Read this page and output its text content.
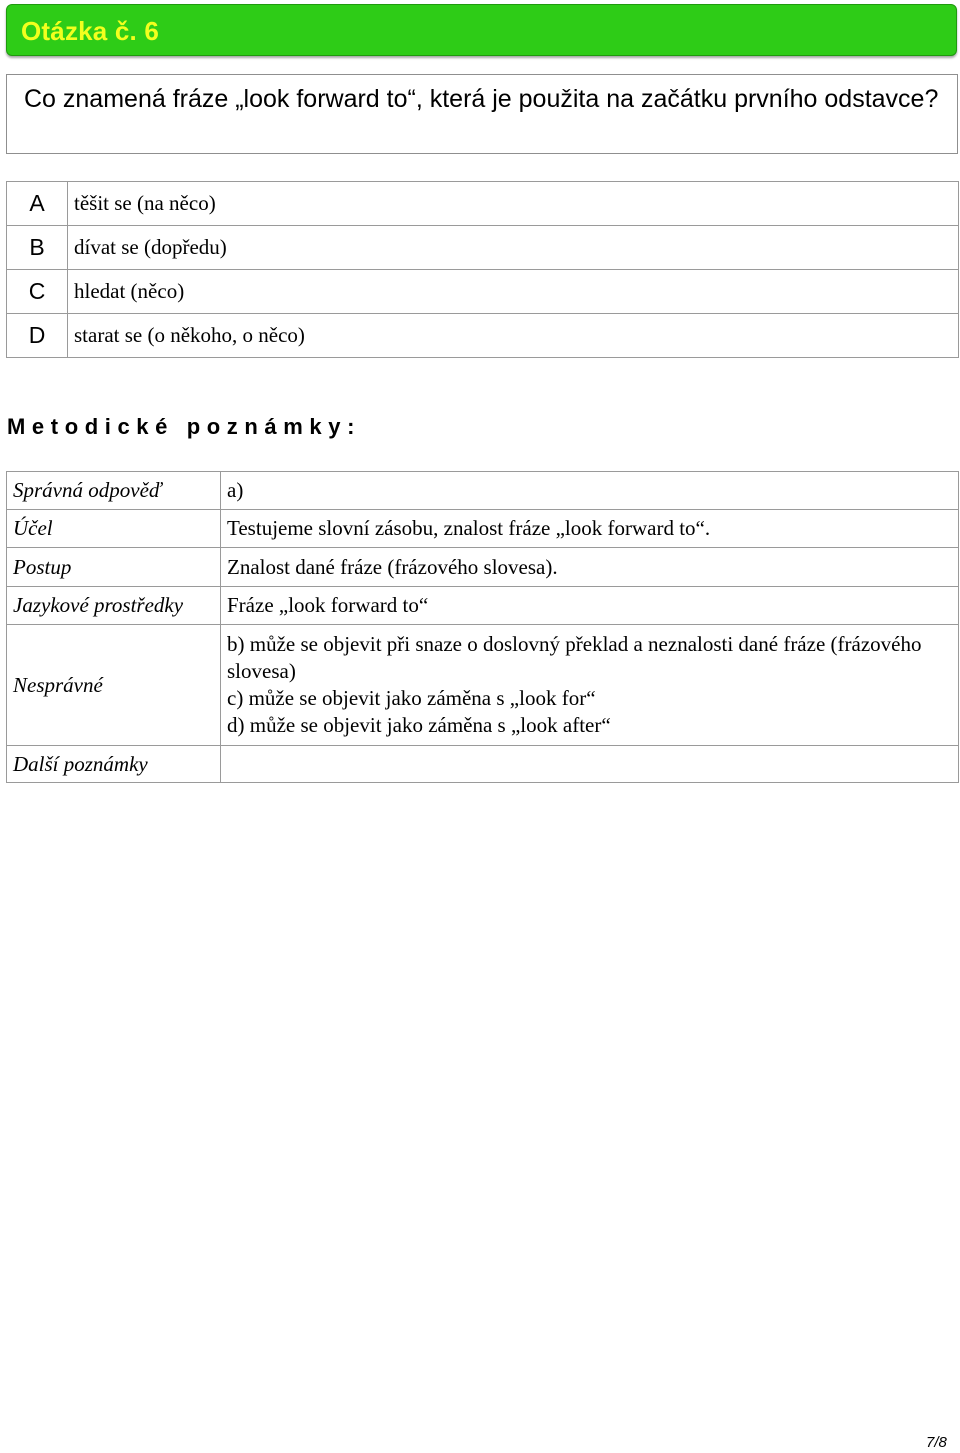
Otázka č. 6
Co znamená fráze „look forward to“, která je použita na začátku prvního odstavce?
A	těšit se (na něco)
B	dívat se (dopředu)
C	hledat (něco)
D	starat se (o někoho, o něco)
Metodické poznámky:
Správná odpověď	a)
Účel	Testujeme slovní zásobu, znalost fráze „look forward to“.
Postup	Znalost dané fráze (frázového slovesa).
Jazykové prostředky	Fráze „look forward to“
Nesprávné	b) může se objevit při snaze o doslovný překlad a neznalosti dané fráze (frázového slovesa)
c) může se objevit jako záměna s „look for“
d) může se objevit jako záměna s „look after“

Další poznámky	
7/8
